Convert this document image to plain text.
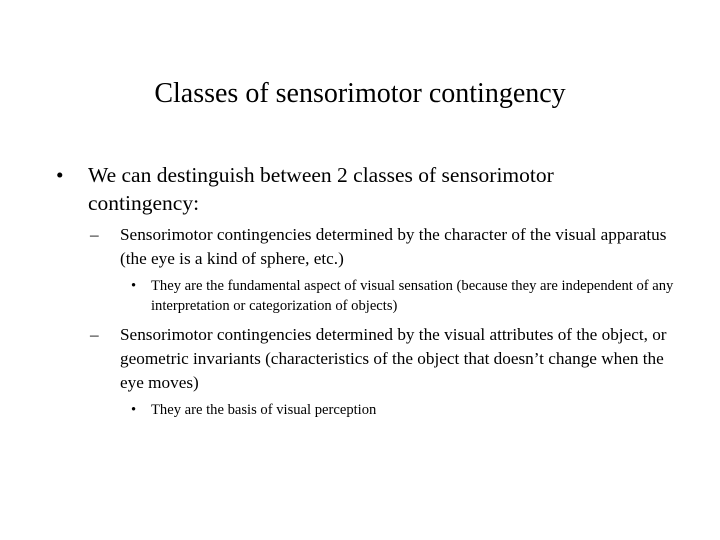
Classes of sensorimotor contingency
•	We can destinguish between 2 classes of sensorimotor contingency:
–	Sensorimotor contingencies determined by the character of the visual apparatus (the eye is a kind of sphere, etc.)
•	They are the fundamental aspect of visual sensation (because they are independent of any interpretation or categorization of objects)
–	Sensorimotor contingencies determined by the visual attributes of the object, or geometric invariants (characteristics of the object that doesn’t change when the eye moves)
•	They are the basis of visual perception
